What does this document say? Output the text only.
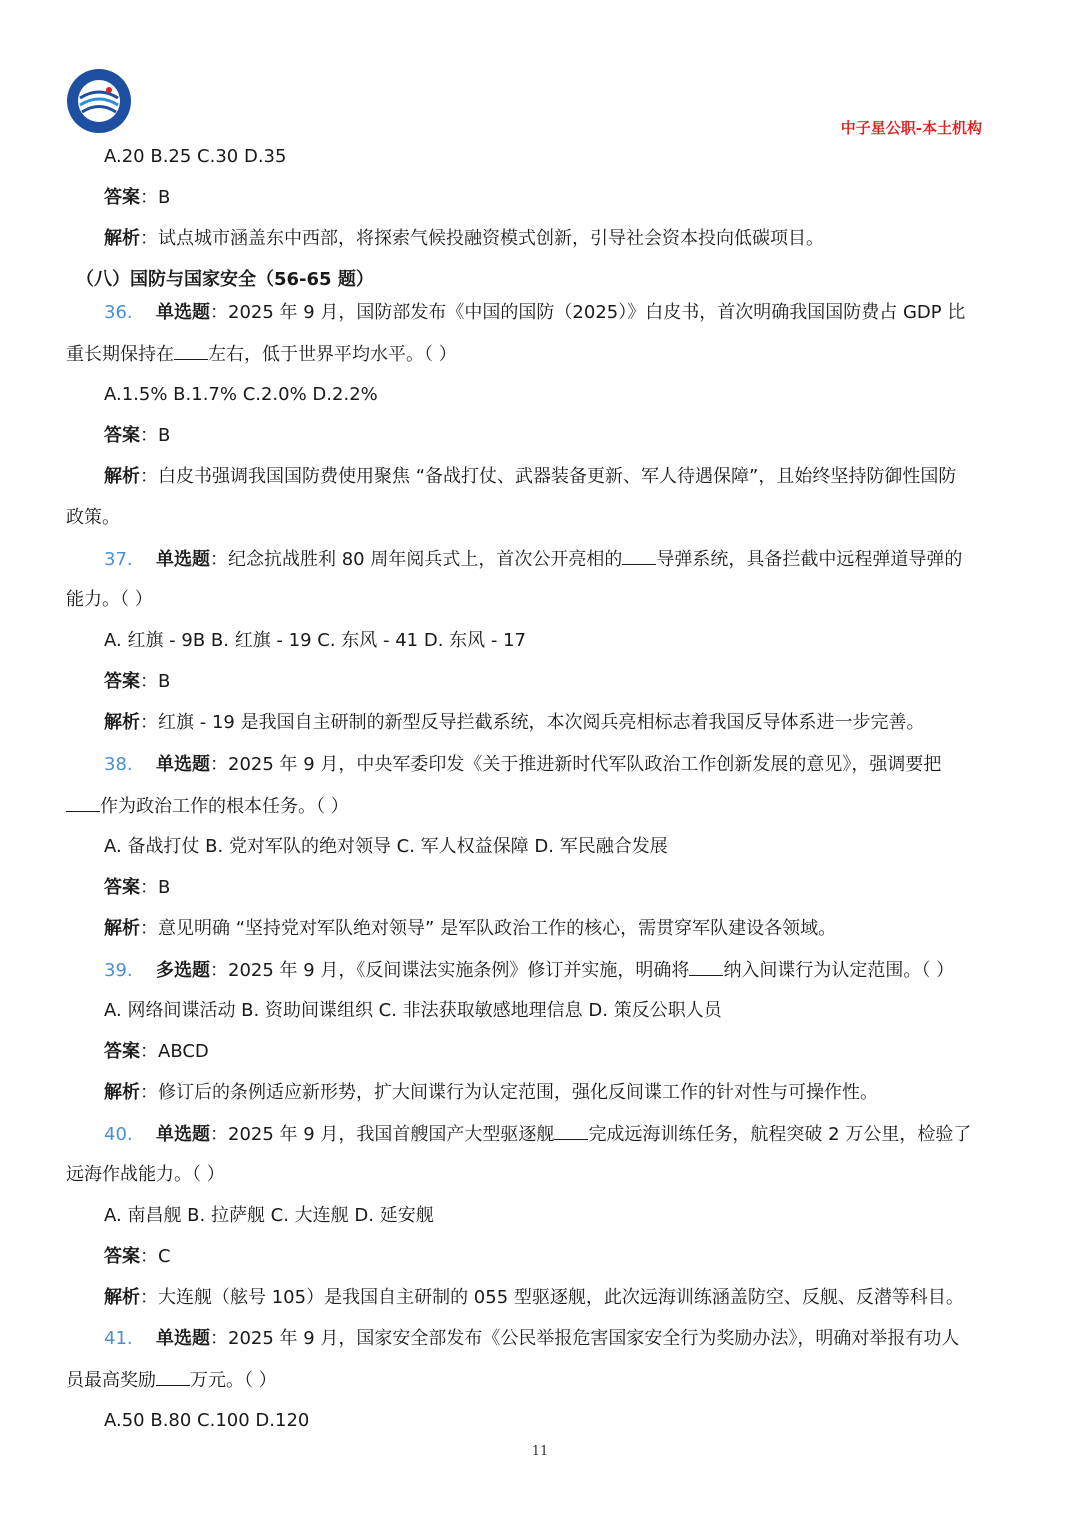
中子星公职-本土机构
A.20 B.25 C.30 D.35
答案：B
解析：试点城市涵盖东中西部，将探索气候投融资模式创新，引导社会资本投向低碳项目。
（八）国防与国家安全（56-65 题）
36. 单选题：2025 年 9 月，国防部发布《中国的国防（2025）》白皮书，首次明确我国国防费占 GDP 比
重长期保持在 左右，低于世界平均水平。（ ）
A.1.5% B.1.7% C.2.0% D.2.2%
答案：B
解析：白皮书强调我国国防费使用聚焦 “备战打仗、武器装备更新、军人待遇保障”，且始终坚持防御性国防
政策。
37. 单选题：纪念抗战胜利 80 周年阅兵式上，首次公开亮相的 导弹系统，具备拦截中远程弹道导弹的
能力。（ ）
A. 红旗 - 9B B. 红旗 - 19 C. 东风 - 41 D. 东风 - 17
答案：B
解析：红旗 - 19 是我国自主研制的新型反导拦截系统，本次阅兵亮相标志着我国反导体系进一步完善。
38. 单选题：2025 年 9 月，中央军委印发《关于推进新时代军队政治工作创新发展的意见》，强调要把
作为政治工作的根本任务。（ ）
A. 备战打仗 B. 党对军队的绝对领导 C. 军人权益保障 D. 军民融合发展
答案：B
解析：意见明确 “坚持党对军队绝对领导” 是军队政治工作的核心，需贯穿军队建设各领域。
39. 多选题：2025 年 9 月，《反间谍法实施条例》修订并实施，明确将 纳入间谍行为认定范围。（ ）
A. 网络间谍活动 B. 资助间谍组织 C. 非法获取敏感地理信息 D. 策反公职人员
答案：ABCD
解析：修订后的条例适应新形势，扩大间谍行为认定范围，强化反间谍工作的针对性与可操作性。
40. 单选题：2025 年 9 月，我国首艘国产大型驱逐舰 完成远海训练任务，航程突破 2 万公里，检验了
远海作战能力。（ ）
A. 南昌舰 B. 拉萨舰 C. 大连舰 D. 延安舰
答案：C
解析：大连舰（舷号 105）是我国自主研制的 055 型驱逐舰，此次远海训练涵盖防空、反舰、反潜等科目。
41. 单选题：2025 年 9 月，国家安全部发布《公民举报危害国家安全行为奖励办法》，明确对举报有功人
员最高奖励 万元。（ ）
A.50 B.80 C.100 D.120
11
